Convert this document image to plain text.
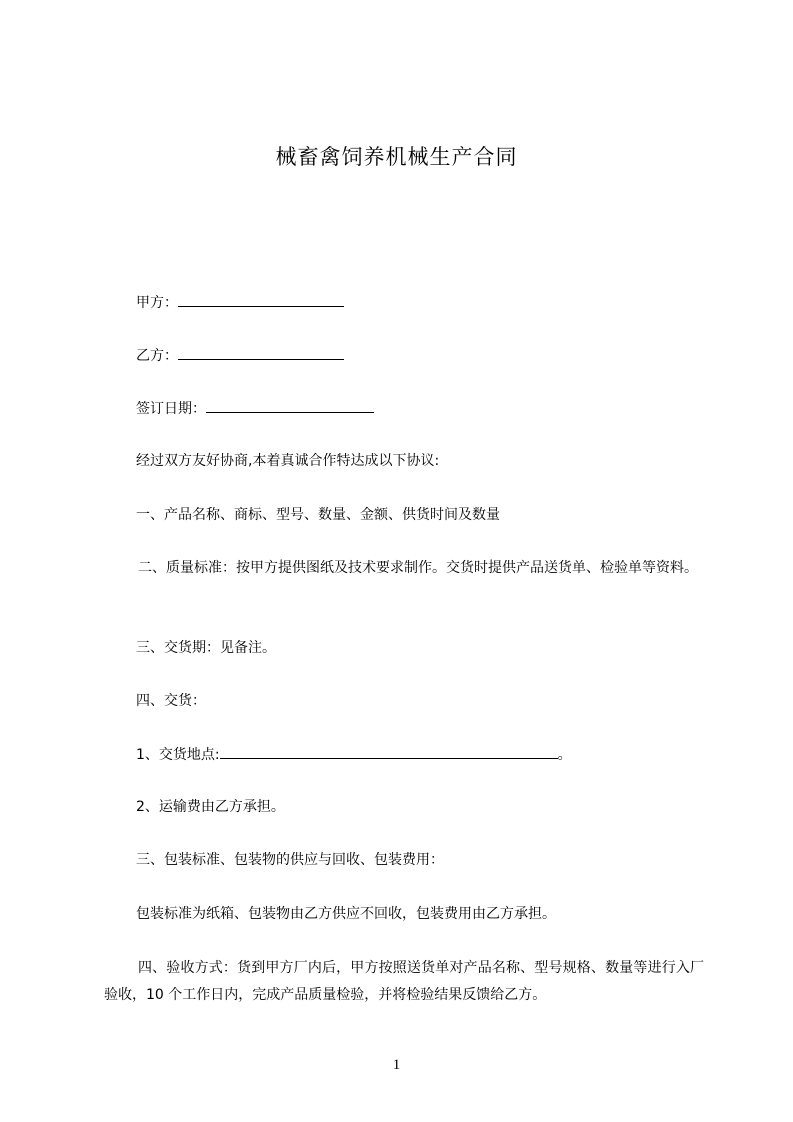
械畜禽饲养机械生产合同
甲方：
乙方：
签订日期：
经过双方友好协商,本着真诚合作特达成以下协议:
一、产品名称、商标、型号、数量、金额、供货时间及数量
二、质量标准：按甲方提供图纸及技术要求制作。交货时提供产品送货单、检验单等资料。
三、交货期：见备注。
四、交货：
1、交货地点:	。
2、运输费由乙方承担。
三、包装标准、包装物的供应与回收、包装费用：
包装标准为纸箱、包装物由乙方供应不回收，包装费用由乙方承担。
四、验收方式：货到甲方厂内后，甲方按照送货单对产品名称、型号规格、数量等进行入厂验收，10 个工作日内，完成产品质量检验，并将检验结果反馈给乙方。
1
